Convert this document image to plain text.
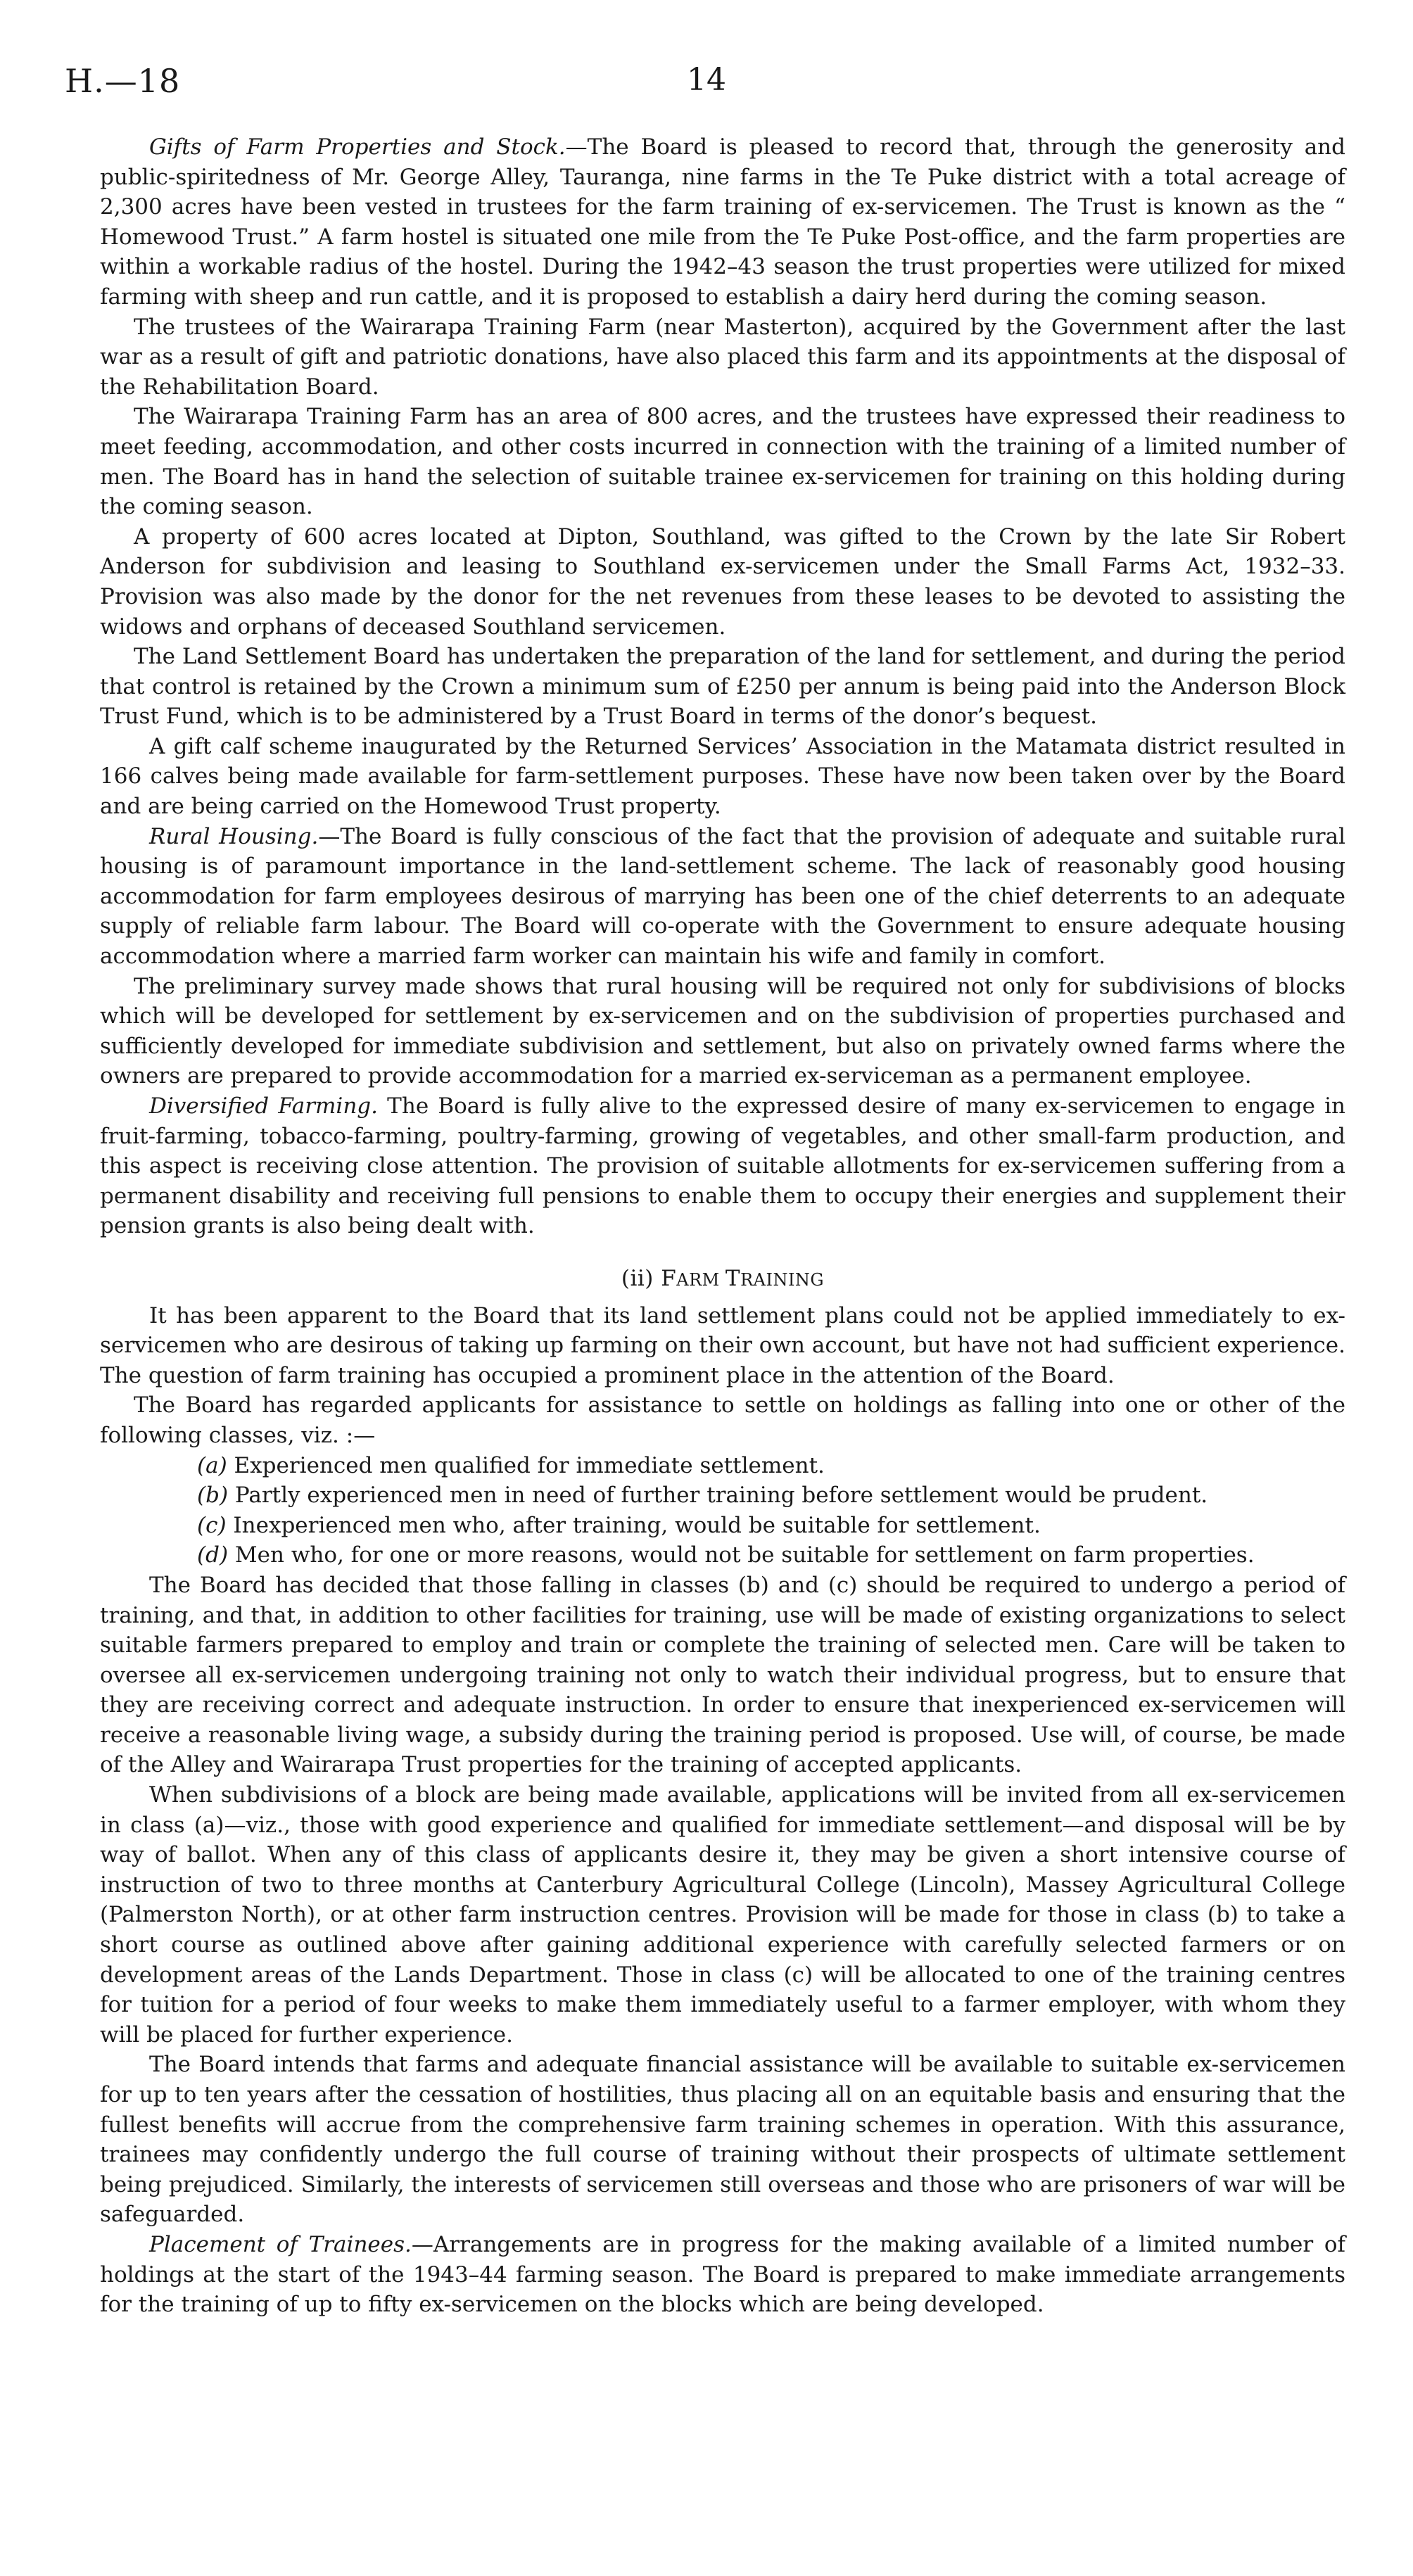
H.—18	14

Gifts of Farm Properties and Stock.—The Board is pleased to record that, through the generosity and public-spiritedness of Mr. George Alley, Tauranga, nine farms in the Te Puke district with a total acreage of 2,300 acres have been vested in trustees for the farm training of ex-servicemen. The Trust is known as the “ Homewood Trust.” A farm hostel is situated one mile from the Te Puke Post-office, and the farm properties are within a workable radius of the hostel. During the 1942–43 season the trust properties were utilized for mixed farming with sheep and run cattle, and it is proposed to establish a dairy herd during the coming season.

The trustees of the Wairarapa Training Farm (near Masterton), acquired by the Government after the last war as a result of gift and patriotic donations, have also placed this farm and its appointments at the disposal of the Rehabilitation Board.

The Wairarapa Training Farm has an area of 800 acres, and the trustees have expressed their readiness to meet feeding, accommodation, and other costs incurred in connection with the training of a limited number of men. The Board has in hand the selection of suitable trainee ex-servicemen for training on this holding during the coming season.

A property of 600 acres located at Dipton, Southland, was gifted to the Crown by the late Sir Robert Anderson for subdivision and leasing to Southland ex-servicemen under the Small Farms Act, 1932–33. Provision was also made by the donor for the net revenues from these leases to be devoted to assisting the widows and orphans of deceased Southland servicemen.

The Land Settlement Board has undertaken the preparation of the land for settlement, and during the period that control is retained by the Crown a minimum sum of £250 per annum is being paid into the Anderson Block Trust Fund, which is to be administered by a Trust Board in terms of the donor’s bequest.

A gift calf scheme inaugurated by the Returned Services’ Association in the Matamata district resulted in 166 calves being made available for farm-settlement purposes. These have now been taken over by the Board and are being carried on the Homewood Trust property.

Rural Housing.—The Board is fully conscious of the fact that the provision of adequate and suitable rural housing is of paramount importance in the land-settlement scheme. The lack of reasonably good housing accommodation for farm employees desirous of marrying has been one of the chief deterrents to an adequate supply of reliable farm labour. The Board will co-operate with the Government to ensure adequate housing accommodation where a married farm worker can maintain his wife and family in comfort.

The preliminary survey made shows that rural housing will be required not only for subdivisions of blocks which will be developed for settlement by ex-servicemen and on the subdivision of properties purchased and sufficiently developed for immediate subdivision and settlement, but also on privately owned farms where the owners are prepared to provide accommodation for a married ex-serviceman as a permanent employee.

Diversified Farming. The Board is fully alive to the expressed desire of many ex-servicemen to engage in fruit-farming, tobacco-farming, poultry-farming, growing of vegetables, and other small-farm production, and this aspect is receiving close attention. The provision of suitable allotments for ex-servicemen suffering from a permanent disability and receiving full pensions to enable them to occupy their energies and supplement their pension grants is also being dealt with.

(ii) FARM TRAINING

It has been apparent to the Board that its land settlement plans could not be applied immediately to ex-servicemen who are desirous of taking up farming on their own account, but have not had sufficient experience. The question of farm training has occupied a prominent place in the attention of the Board.

The Board has regarded applicants for assistance to settle on holdings as falling into one or other of the following classes, viz. :—

(a) Experienced men qualified for immediate settlement.
(b) Partly experienced men in need of further training before settlement would be prudent.
(c) Inexperienced men who, after training, would be suitable for settlement.
(d) Men who, for one or more reasons, would not be suitable for settlement on farm properties.

The Board has decided that those falling in classes (b) and (c) should be required to undergo a period of training, and that, in addition to other facilities for training, use will be made of existing organizations to select suitable farmers prepared to employ and train or complete the training of selected men. Care will be taken to oversee all ex-servicemen undergoing training not only to watch their individual progress, but to ensure that they are receiving correct and adequate instruction. In order to ensure that inexperienced ex-servicemen will receive a reasonable living wage, a subsidy during the training period is proposed. Use will, of course, be made of the Alley and Wairarapa Trust properties for the training of accepted applicants.

When subdivisions of a block are being made available, applications will be invited from all ex-servicemen in class (a)—viz., those with good experience and qualified for immediate settlement—and disposal will be by way of ballot. When any of this class of applicants desire it, they may be given a short intensive course of instruction of two to three months at Canterbury Agricultural College (Lincoln), Massey Agricultural College (Palmerston North), or at other farm instruction centres. Provision will be made for those in class (b) to take a short course as outlined above after gaining additional experience with carefully selected farmers or on development areas of the Lands Department. Those in class (c) will be allocated to one of the training centres for tuition for a period of four weeks to make them immediately useful to a farmer employer, with whom they will be placed for further experience.

The Board intends that farms and adequate financial assistance will be available to suitable ex-servicemen for up to ten years after the cessation of hostilities, thus placing all on an equitable basis and ensuring that the fullest benefits will accrue from the comprehensive farm training schemes in operation. With this assurance, trainees may confidently undergo the full course of training without their prospects of ultimate settlement being prejudiced. Similarly, the interests of servicemen still overseas and those who are prisoners of war will be safeguarded.

Placement of Trainees.—Arrangements are in progress for the making available of a limited number of holdings at the start of the 1943–44 farming season. The Board is prepared to make immediate arrangements for the training of up to fifty ex-servicemen on the blocks which are being developed.
